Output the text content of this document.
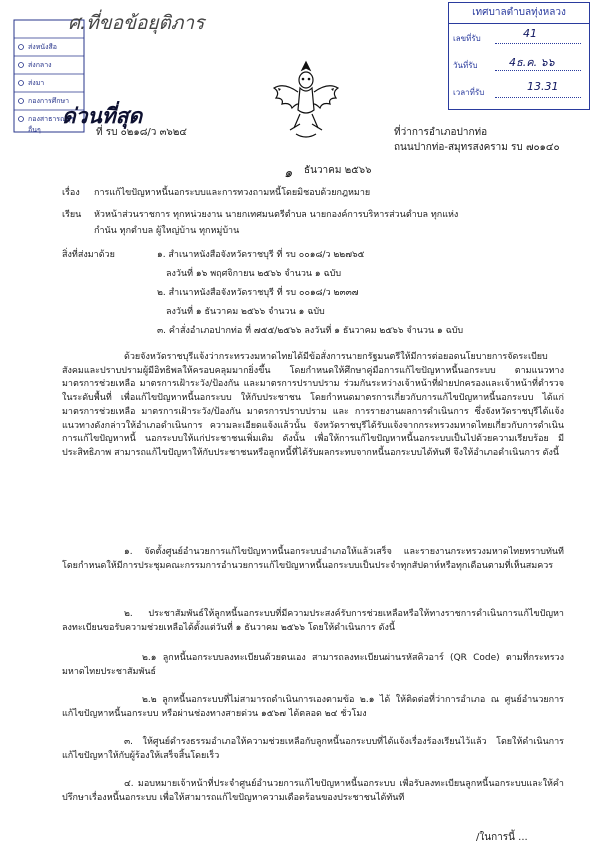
ศ.ที่ขอข้อยุติภาร
ส่งหนังสือ
ส่งกลาง
ส่งมา
กองการศึกษา
กองสาธารณสุข
อื่นๆ
ด่วนที่สุด
ที่ รบ ๐๒๑๘/ว ๓๖๒๔	ที่ว่าการอำเภอปากท่อ
ถนนปากท่อ-สมุทรสงคราม รบ ๗๐๑๔๐
เทศบาลตำบลทุ่งหลวง
เลขที่รับ	41
วันที่รับ	4ธ.ค. ๖๖
เวลาที่รับ	13.31
๑ ธันวาคม ๒๕๖๖
เรื่อง การแก้ไขปัญหาหนี้นอกระบบและการทวงถามหนี้โดยมิชอบด้วยกฎหมาย
เรียน หัวหน้าส่วนราชการ ทุกหน่วยงาน นายกเทศมนตรีตำบล นายกองค์การบริหารส่วนตำบล ทุกแห่ง
กำนัน ทุกตำบล ผู้ใหญ่บ้าน ทุกหมู่บ้าน
สิ่งที่ส่งมาด้วย	๑. สำเนาหนังสือจังหวัดราชบุรี ที่ รบ ๐๐๑๘/ว ๒๒๗๖๕
ลงวันที่ ๑๖ พฤศจิกายน ๒๕๖๖ จำนวน ๑ ฉบับ
๒. สำเนาหนังสือจังหวัดราชบุรี ที่ รบ ๐๐๑๘/ว ๒๓๓๗
ลงวันที่ ๑ ธันวาคม ๒๕๖๖ จำนวน ๑ ฉบับ
๓. คำสั่งอำเภอปากท่อ ที่ ๗๕๕/๒๕๖๖ ลงวันที่ ๑ ธันวาคม ๒๕๖๖ จำนวน ๑ ฉบับ
ด้วยจังหวัดราชบุรีแจ้งว่ากระทรวงมหาดไทยได้มีข้อสั่งการนายกรัฐมนตรีให้มีการต่อยอดนโยบายการจัดระเบียบสังคมและปราบปรามผู้มีอิทธิพลให้ครอบคลุมมากยิ่งขึ้น โดยกำหนดให้ศึกษาคู่มือการแก้ไขปัญหาหนี้นอกระบบ ตามแนวทางมาตรการช่วยเหลือ มาตรการเฝ้าระวัง/ป้องกัน และมาตรการปราบปราม ร่วมกันระหว่างเจ้าหน้าที่ฝ่ายปกครองและเจ้าหน้าที่ตำรวจในระดับพื้นที่ เพื่อแก้ไขปัญหาหนี้นอกระบบ ให้กับประชาชน โดยกำหนดมาตรการเกี่ยวกับการแก้ไขปัญหาหนี้นอกระบบ ได้แก่ มาตรการช่วยเหลือ มาตรการเฝ้าระวัง/ป้องกัน มาตรการปราบปราม และ การรายงานผลการดำเนินการ ซึ่งจังหวัดราชบุรีได้แจ้งแนวทางดังกล่าวให้อำเภอดำเนินการ ความละเอียดแจ้งแล้วนั้น จังหวัดราชบุรีได้รับแจ้งจากกระทรวงมหาดไทยเกี่ยวกับการดำเนินการแก้ไขปัญหาหนี้ นอกระบบให้แก่ประชาชนเพิ่มเติม ดังนั้น เพื่อให้การแก้ไขปัญหาหนี้นอกระบบเป็นไปด้วยความเรียบร้อย มีประสิทธิภาพ สามารถแก้ไขปัญหาให้กับประชาชนหรือลูกหนี้ที่ได้รับผลกระทบจากหนี้นอกระบบได้ทันที จึงให้อำเภอดำเนินการ ดังนี้
๑. จัดตั้งศูนย์อำนวยการแก้ไขปัญหาหนี้นอกระบบอำเภอให้แล้วเสร็จ และรายงานกระทรวงมหาดไทยทราบทันที โดยกำหนดให้มีการประชุมคณะกรรมการอำนวยการแก้ไขปัญหาหนี้นอกระบบเป็นประจำทุกสัปดาห์หรือทุกเดือนตามที่เห็นสมควร
๒. ประชาสัมพันธ์ให้ลูกหนี้นอกระบบที่มีความประสงค์รับการช่วยเหลือหรือให้ทางราชการดำเนินการแก้ไขปัญหา ลงทะเบียนขอรับความช่วยเหลือได้ตั้งแต่วันที่ ๑ ธันวาคม ๒๕๖๖ โดยให้ดำเนินการ ดังนี้
๒.๑ ลูกหนี้นอกระบบลงทะเบียนด้วยตนเอง สามารถลงทะเบียนผ่านรหัสคิวอาร์ (QR Code) ตามที่กระทรวงมหาดไทยประชาสัมพันธ์
๒.๒ ลูกหนี้นอกระบบที่ไม่สามารถดำเนินการเองตามข้อ ๒.๑ ได้ ให้ติดต่อที่ว่าการอำเภอ ณ ศูนย์อำนวยการแก้ไขปัญหาหนี้นอกระบบ หรือผ่านช่องทางสายด่วน ๑๕๖๗ ได้ตลอด ๒๔ ชั่วโมง
๓. ให้ศูนย์ดำรงธรรมอำเภอให้ความช่วยเหลือกับลูกหนี้นอกระบบที่ได้แจ้งเรื่องร้องเรียนไว้แล้ว โดยให้ดำเนินการแก้ไขปัญหาให้กับผู้ร้องให้เสร็จสิ้นโดยเร็ว
๔. มอบหมายเจ้าหน้าที่ประจำศูนย์อำนวยการแก้ไขปัญหาหนี้นอกระบบ เพื่อรับลงทะเบียนลูกหนี้นอกระบบและให้คำปรึกษาเรื่องหนี้นอกระบบ เพื่อให้สามารถแก้ไขปัญหาความเดือดร้อนของประชาชนได้ทันที
/ในการนี้ ...
